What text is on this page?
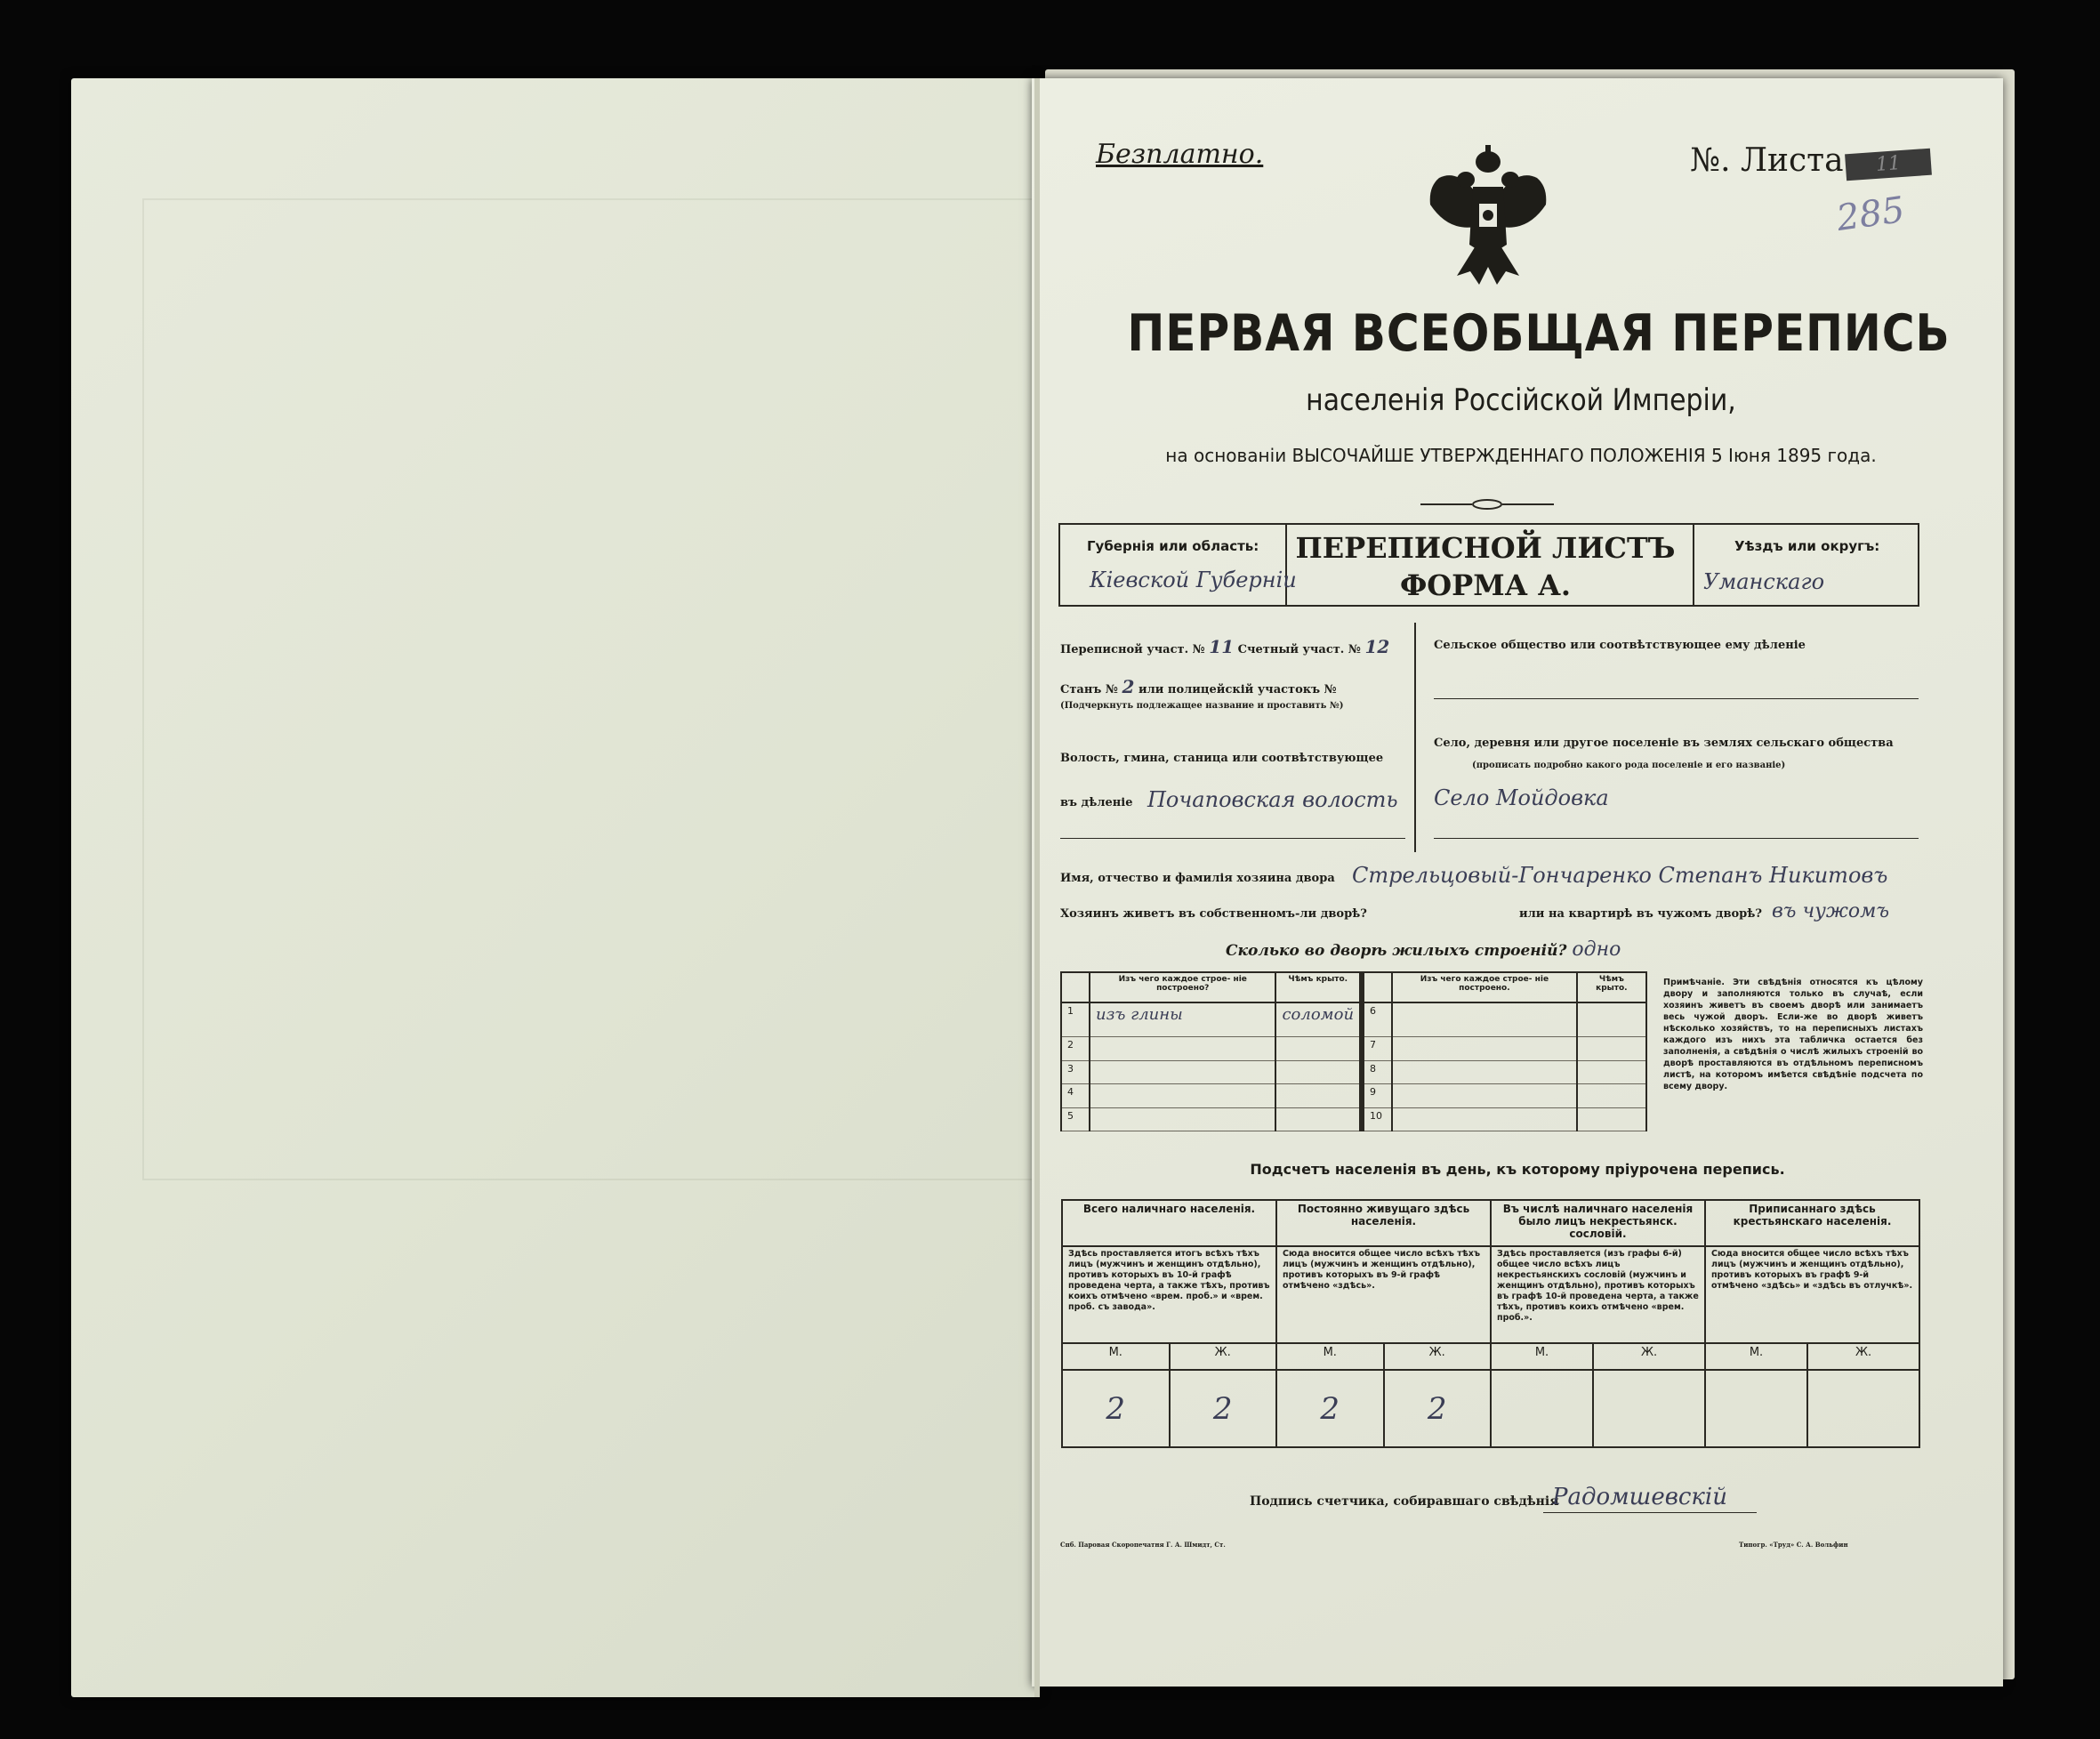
Безплатно.	№. Листа	11
285
ПЕРВАЯ ВСЕОБЩАЯ ПЕРЕПИСЬ
населенія Россійской Имперіи,
на основаніи ВЫСОЧАЙШЕ УТВЕРЖДЕННАГО ПОЛОЖЕНІЯ 5 Іюня 1895 года.
Губернія или область:
Кіевской Губерніи
ПЕРЕПИСНОЙ ЛИСТЪ
ФОРМА А.
Уѣздъ или округъ:
Уманскаго
Переписной участ. № 11 Счетный участ. № 12
Станъ № 2 или полицейскій участокъ №
(Подчеркнуть подлежащее название и проставить №)
Волость, гмина, станица или соотвѣтствующее
въ дѣленіе Почаповская волость
Сельское общество или соотвѣтствующее ему дѣленіе
Село, деревня или другое поселеніе въ землях сельскаго общества
(прописать подробно какого рода поселеніе и его названіе)
Село Мойдовка
Имя, отчество и фамилія хозяина двора Стрельцовый-Гончаренко Степанъ Никитовъ
Хозяинъ живетъ въ собственномъ-ли дворѣ?	или на квартирѣ въ чужомъ дворѣ? въ чужомъ
Сколько во дворѣ жилыхъ строеній? одно
	Изъ чего каждое строе- ніе построено?	Чѣмъ крыто.		Изъ чего каждое строе- ніе построено.	Чѣмъ крыто.
1	изъ глины	соломой	6		
2			7		
3			8		
4			9		
5			10		
Примѣчаніе. Эти свѣдѣнія относятся къ цѣлому двору и заполняются только въ случаѣ, если хозяинъ живетъ въ своемъ дворѣ или занимаетъ весь чужой дворъ. Если-же во дворѣ живетъ нѣсколько хозяйствъ, то на переписныхъ листахъ каждого изъ нихъ эта табличка остается без заполненія, а свѣдѣнія о числѣ жилыхъ строеній во дворѣ проставляются въ отдѣльномъ переписномъ листѣ, на которомъ имѣется свѣдѣніе подсчета по всему двору.
Подсчетъ населенія въ день, къ которому пріурочена перепись.
Всего наличнаго населенія.		Постоянно живущаго здѣсь населенія.		Въ числѣ наличнаго населенія было лицъ некрестьянск. сословій.		Приписаннаго здѣсь крестьянскаго населенія.	
Здѣсь проставляется итогъ всѣхъ тѣхъ лицъ (мужчинъ и женщинъ отдѣльно), противъ которыхъ въ 10-й графѣ проведена черта, а также тѣхъ, противъ коихъ отмѣчено «врем. проб.» и «врем. проб. съ завода».		Сюда вносится общее число всѣхъ тѣхъ лицъ (мужчинъ и женщинъ отдѣльно), противъ которыхъ въ 9-й графѣ отмѣчено «здѣсь».		Здѣсь проставляется (изъ графы 6-й) общее число всѣхъ лицъ некрестьянскихъ сословій (мужчинъ и женщинъ отдѣльно), противъ которыхъ въ графѣ 10-й проведена черта, а также тѣхъ, противъ коихъ отмѣчено «врем. проб.».		Сюда вносится общее число всѣхъ тѣхъ лицъ (мужчинъ и женщинъ отдѣльно), противъ которыхъ въ графѣ 9-й отмѣчено «здѣсь» и «здѣсь въ отлучкѣ».	
М.	Ж.	М.	Ж.	М.	Ж.	М.	Ж.
2	2	2	2				
Подпись счетчика, собиравшаго свѣдѣнія
Радомшевскій
Спб. Паровая Скоропечатня Г. А. Шмидт, Ст.	Типогр. «Труд» С. А. Вольфин
